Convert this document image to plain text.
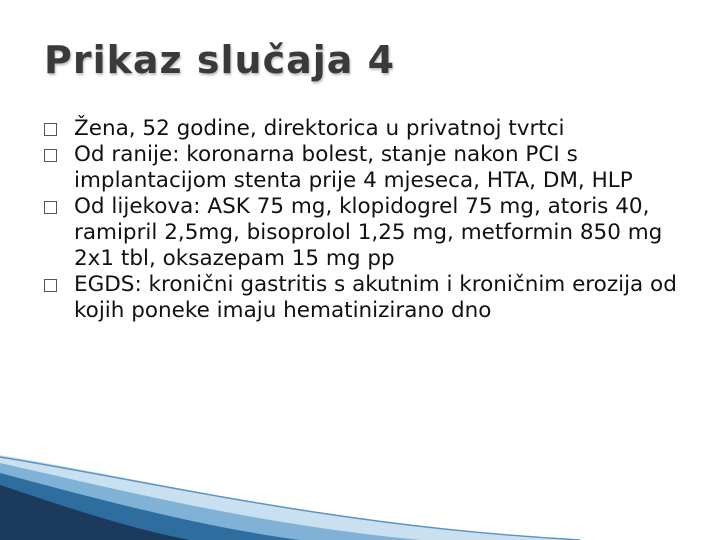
Prikaz slučaja 4
Žena, 52 godine, direktorica u privatnoj tvrtci
Od ranije: koronarna bolest, stanje nakon PCI s implantacijom stenta prije 4 mjeseca, HTA, DM, HLP
Od lijekova: ASK 75 mg, klopidogrel 75 mg, atoris 40, ramipril 2,5mg, bisoprolol 1,25 mg, metformin 850 mg 2x1 tbl, oksazepam 15 mg pp
EGDS: kronični gastritis s akutnim i kroničnim erozija od kojih poneke imaju hematinizirano dno
